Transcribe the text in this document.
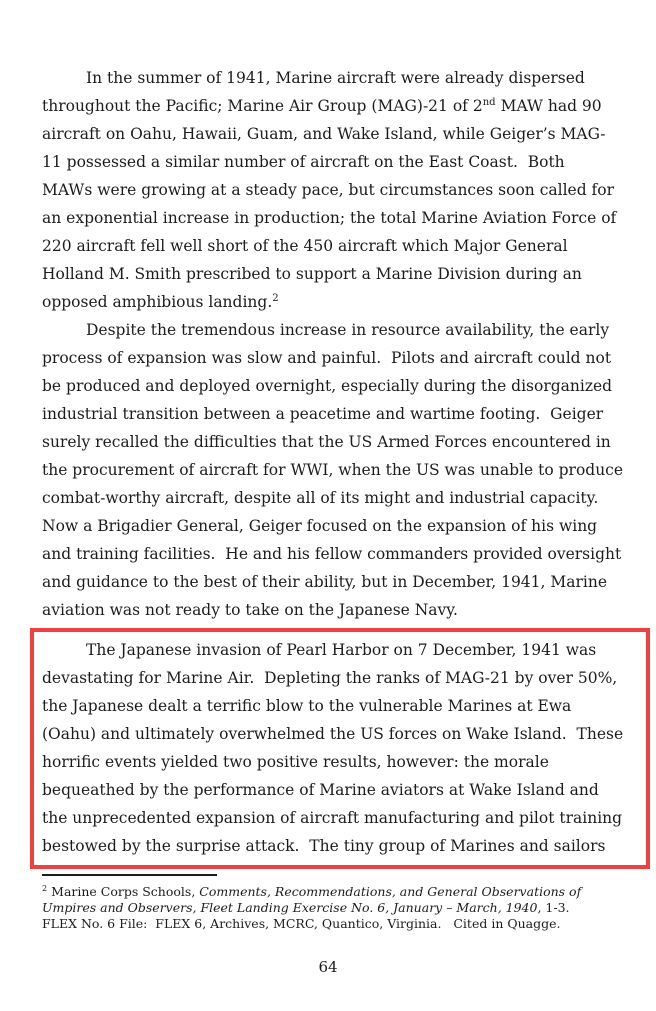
In the summer of 1941, Marine aircraft were already dispersed
throughout the Pacific; Marine Air Group (MAG)-21 of 2nd MAW had 90
aircraft on Oahu, Hawaii, Guam, and Wake Island, while Geiger’s MAG-
11 possessed a similar number of aircraft on the East Coast.  Both
MAWs were growing at a steady pace, but circumstances soon called for
an exponential increase in production; the total Marine Aviation Force of
220 aircraft fell well short of the 450 aircraft which Major General
Holland M. Smith prescribed to support a Marine Division during an
opposed amphibious landing.$^2$
Despite the tremendous increase in resource availability, the early
process of expansion was slow and painful.  Pilots and aircraft could not
be produced and deployed overnight, especially during the disorganized
industrial transition between a peacetime and wartime footing.  Geiger
surely recalled the difficulties that the US Armed Forces encountered in
the procurement of aircraft for WWI, when the US was unable to produce
combat-worthy aircraft, despite all of its might and industrial capacity.
Now a Brigadier General, Geiger focused on the expansion of his wing
and training facilities.  He and his fellow commanders provided oversight
and guidance to the best of their ability, but in December, 1941, Marine
aviation was not ready to take on the Japanese Navy.
The Japanese invasion of Pearl Harbor on 7 December, 1941 was
devastating for Marine Air.  Depleting the ranks of MAG-21 by over 50%,
the Japanese dealt a terrific blow to the vulnerable Marines at Ewa
(Oahu) and ultimately overwhelmed the US forces on Wake Island.  These
horrific events yielded two positive results, however: the morale
bequeathed by the performance of Marine aviators at Wake Island and
the unprecedented expansion of aircraft manufacturing and pilot training
bestowed by the surprise attack.  The tiny group of Marines and sailors
$^2$ Marine Corps Schools, Comments, Recommendations, and General Observations of
Umpires and Observers, Fleet Landing Exercise No. 6, January – March, 1940, 1-3.
FLEX No. 6 File:  FLEX 6, Archives, MCRC, Quantico, Virginia.   Cited in Quagge.
64
